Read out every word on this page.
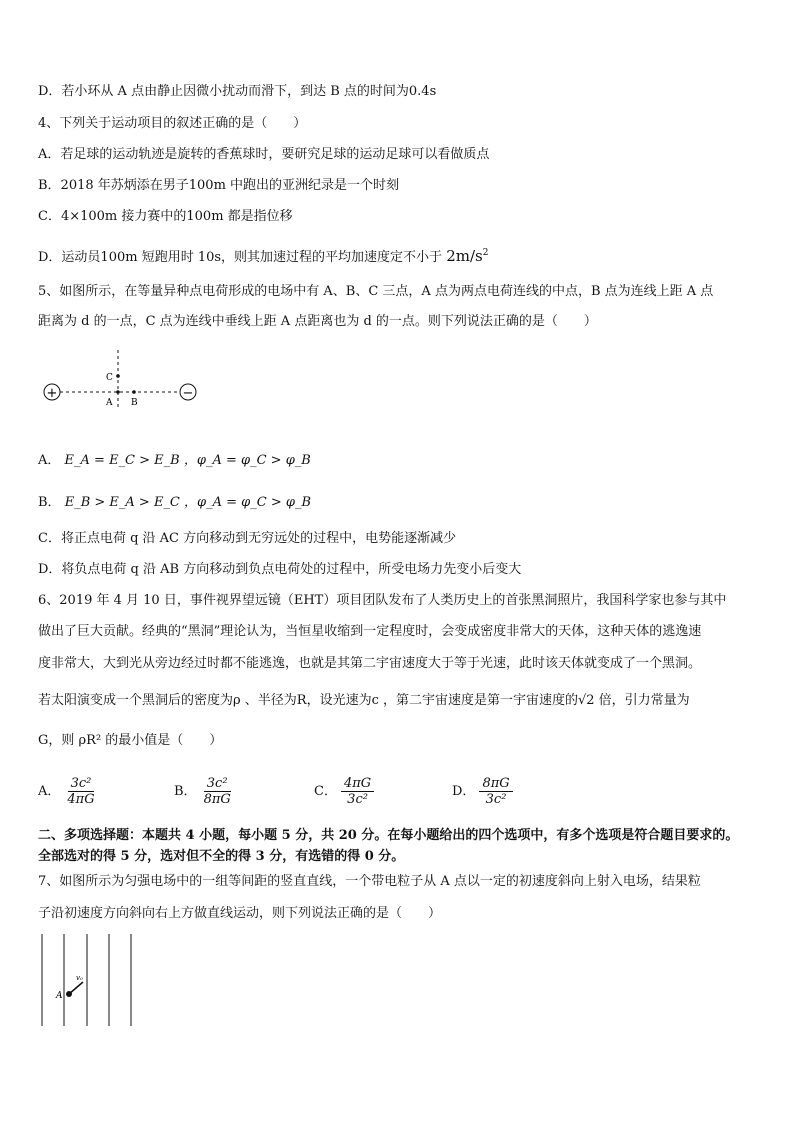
D．若小环从 A 点由静止因微小扰动而滑下，到达 B 点的时间为0.4s
4、下列关于运动项目的叙述正确的是（　　）
A．若足球的运动轨迹是旋转的香蕉球时，要研究足球的运动足球可以看做质点
B．2018 年苏炳添在男子100m 中跑出的亚洲纪录是一个时刻
C．4×100m 接力赛中的100m 都是指位移
D．运动员100m 短跑用时 10s，则其加速过程的平均加速度定不小于 $2m/s^2$
5、如图所示，在等量异种点电荷形成的电场中有 A、B、C 三点，A 点为两点电荷连线的中点，B 点为连线上距 A 点
距离为 d 的一点，C 点为连线中垂线上距 A 点距离也为 d 的一点。则下列说法正确的是（　　）
+	−
C
A B
A． E_A = E_C > E_B ，φ_A = φ_C > φ_B
B． E_B > E_A > E_C ，φ_A = φ_C > φ_B
C．将正点电荷 q 沿 AC 方向移动到无穷远处的过程中，电势能逐渐减少
D．将负点电荷 q 沿 AB 方向移动到负点电荷处的过程中，所受电场力先变小后变大
6、2019 年 4 月 10 日，事件视界望远镜（EHT）项目团队发布了人类历史上的首张黑洞照片，我国科学家也参与其中
做出了巨大贡献。经典的“黑洞”理论认为，当恒星收缩到一定程度时，会变成密度非常大的天体，这种天体的逃逸速
度非常大，大到光从旁边经过时都不能逃逸，也就是其第二宇宙速度大于等于光速，此时该天体就变成了一个黑洞。
若太阳演变成一个黑洞后的密度为ρ 、半径为R，设光速为c ，第二宇宙速度是第一宇宙速度的√2 倍，引力常量为
G，则 ρR² 的最小值是（　　）
A． $\frac{\text{3c²}}{4\pi G}$	B． $\frac{\text{3c²}}{8\pi G}$	C． $\frac{4\pi G}{\text{3c²}}$	D． $\frac{8\pi G}{\text{3c²}}$
二、多项选择题：本题共 4 小题，每小题 5 分，共 20 分。在每小题给出的四个选项中，有多个选项是符合题目要求的。
全部选对的得 5 分，选对但不全的得 3 分，有选错的得 0 分。
7、如图所示为匀强电场中的一组等间距的竖直直线，一个带电粒子从 A 点以一定的初速度斜向上射入电场，结果粒
子沿初速度方向斜向右上方做直线运动，则下列说法正确的是（　　）
A
v₀
